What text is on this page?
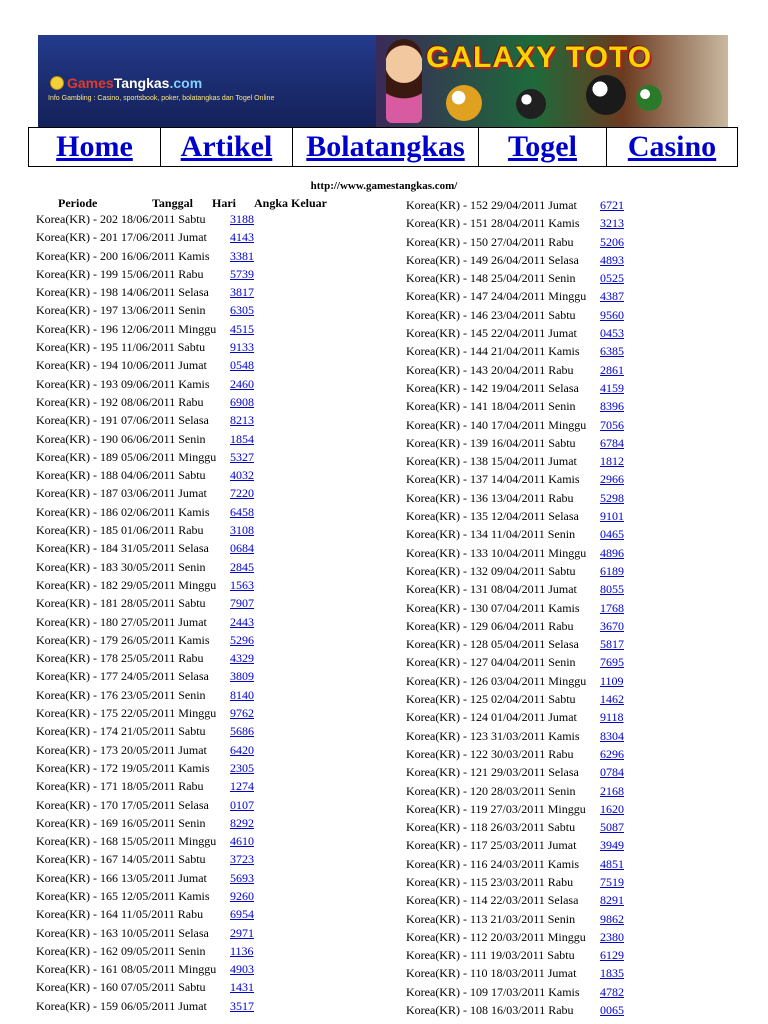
Games Tangkas .com
Info Gambling : Casino, sportsbook, poker, bolatangkas dan Togel Online
GALAXY TOTO
Home	Artikel	Bolatangkas	Togel	Casino
http://www.gamestangkas.com/
Periode	Tanggal	Hari	Angka Keluar
Korea(KR) - 202 18/06/2011 Sabtu	3188
Korea(KR) - 201 17/06/2011 Jumat	4143
Korea(KR) - 200 16/06/2011 Kamis	3381
Korea(KR) - 199 15/06/2011 Rabu	5739
Korea(KR) - 198 14/06/2011 Selasa	3817
Korea(KR) - 197 13/06/2011 Senin	6305
Korea(KR) - 196 12/06/2011 Minggu	4515
Korea(KR) - 195 11/06/2011 Sabtu	9133
Korea(KR) - 194 10/06/2011 Jumat	0548
Korea(KR) - 193 09/06/2011 Kamis	2460
Korea(KR) - 192 08/06/2011 Rabu	6908
Korea(KR) - 191 07/06/2011 Selasa	8213
Korea(KR) - 190 06/06/2011 Senin	1854
Korea(KR) - 189 05/06/2011 Minggu	5327
Korea(KR) - 188 04/06/2011 Sabtu	4032
Korea(KR) - 187 03/06/2011 Jumat	7220
Korea(KR) - 186 02/06/2011 Kamis	6458
Korea(KR) - 185 01/06/2011 Rabu	3108
Korea(KR) - 184 31/05/2011 Selasa	0684
Korea(KR) - 183 30/05/2011 Senin	2845
Korea(KR) - 182 29/05/2011 Minggu	1563
Korea(KR) - 181 28/05/2011 Sabtu	7907
Korea(KR) - 180 27/05/2011 Jumat	2443
Korea(KR) - 179 26/05/2011 Kamis	5296
Korea(KR) - 178 25/05/2011 Rabu	4329
Korea(KR) - 177 24/05/2011 Selasa	3809
Korea(KR) - 176 23/05/2011 Senin	8140
Korea(KR) - 175 22/05/2011 Minggu	9762
Korea(KR) - 174 21/05/2011 Sabtu	5686
Korea(KR) - 173 20/05/2011 Jumat	6420
Korea(KR) - 172 19/05/2011 Kamis	2305
Korea(KR) - 171 18/05/2011 Rabu	1274
Korea(KR) - 170 17/05/2011 Selasa	0107
Korea(KR) - 169 16/05/2011 Senin	8292
Korea(KR) - 168 15/05/2011 Minggu	4610
Korea(KR) - 167 14/05/2011 Sabtu	3723
Korea(KR) - 166 13/05/2011 Jumat	5693
Korea(KR) - 165 12/05/2011 Kamis	9260
Korea(KR) - 164 11/05/2011 Rabu	6954
Korea(KR) - 163 10/05/2011 Selasa	2971
Korea(KR) - 162 09/05/2011 Senin	1136
Korea(KR) - 161 08/05/2011 Minggu	4903
Korea(KR) - 160 07/05/2011 Sabtu	1431
Korea(KR) - 159 06/05/2011 Jumat	3517
Korea(KR) - 152 29/04/2011 Jumat	6721
Korea(KR) - 151 28/04/2011 Kamis	3213
Korea(KR) - 150 27/04/2011 Rabu	5206
Korea(KR) - 149 26/04/2011 Selasa	4893
Korea(KR) - 148 25/04/2011 Senin	0525
Korea(KR) - 147 24/04/2011 Minggu	4387
Korea(KR) - 146 23/04/2011 Sabtu	9560
Korea(KR) - 145 22/04/2011 Jumat	0453
Korea(KR) - 144 21/04/2011 Kamis	6385
Korea(KR) - 143 20/04/2011 Rabu	2861
Korea(KR) - 142 19/04/2011 Selasa	4159
Korea(KR) - 141 18/04/2011 Senin	8396
Korea(KR) - 140 17/04/2011 Minggu	7056
Korea(KR) - 139 16/04/2011 Sabtu	6784
Korea(KR) - 138 15/04/2011 Jumat	1812
Korea(KR) - 137 14/04/2011 Kamis	2966
Korea(KR) - 136 13/04/2011 Rabu	5298
Korea(KR) - 135 12/04/2011 Selasa	9101
Korea(KR) - 134 11/04/2011 Senin	0465
Korea(KR) - 133 10/04/2011 Minggu	4896
Korea(KR) - 132 09/04/2011 Sabtu	6189
Korea(KR) - 131 08/04/2011 Jumat	8055
Korea(KR) - 130 07/04/2011 Kamis	1768
Korea(KR) - 129 06/04/2011 Rabu	3670
Korea(KR) - 128 05/04/2011 Selasa	5817
Korea(KR) - 127 04/04/2011 Senin	7695
Korea(KR) - 126 03/04/2011 Minggu	1109
Korea(KR) - 125 02/04/2011 Sabtu	1462
Korea(KR) - 124 01/04/2011 Jumat	9118
Korea(KR) - 123 31/03/2011 Kamis	8304
Korea(KR) - 122 30/03/2011 Rabu	6296
Korea(KR) - 121 29/03/2011 Selasa	0784
Korea(KR) - 120 28/03/2011 Senin	2168
Korea(KR) - 119 27/03/2011 Minggu	1620
Korea(KR) - 118 26/03/2011 Sabtu	5087
Korea(KR) - 117 25/03/2011 Jumat	3949
Korea(KR) - 116 24/03/2011 Kamis	4851
Korea(KR) - 115 23/03/2011 Rabu	7519
Korea(KR) - 114 22/03/2011 Selasa	8291
Korea(KR) - 113 21/03/2011 Senin	9862
Korea(KR) - 112 20/03/2011 Minggu	2380
Korea(KR) - 111 19/03/2011 Sabtu	6129
Korea(KR) - 110 18/03/2011 Jumat	1835
Korea(KR) - 109 17/03/2011 Kamis	4782
Korea(KR) - 108 16/03/2011 Rabu	0065
